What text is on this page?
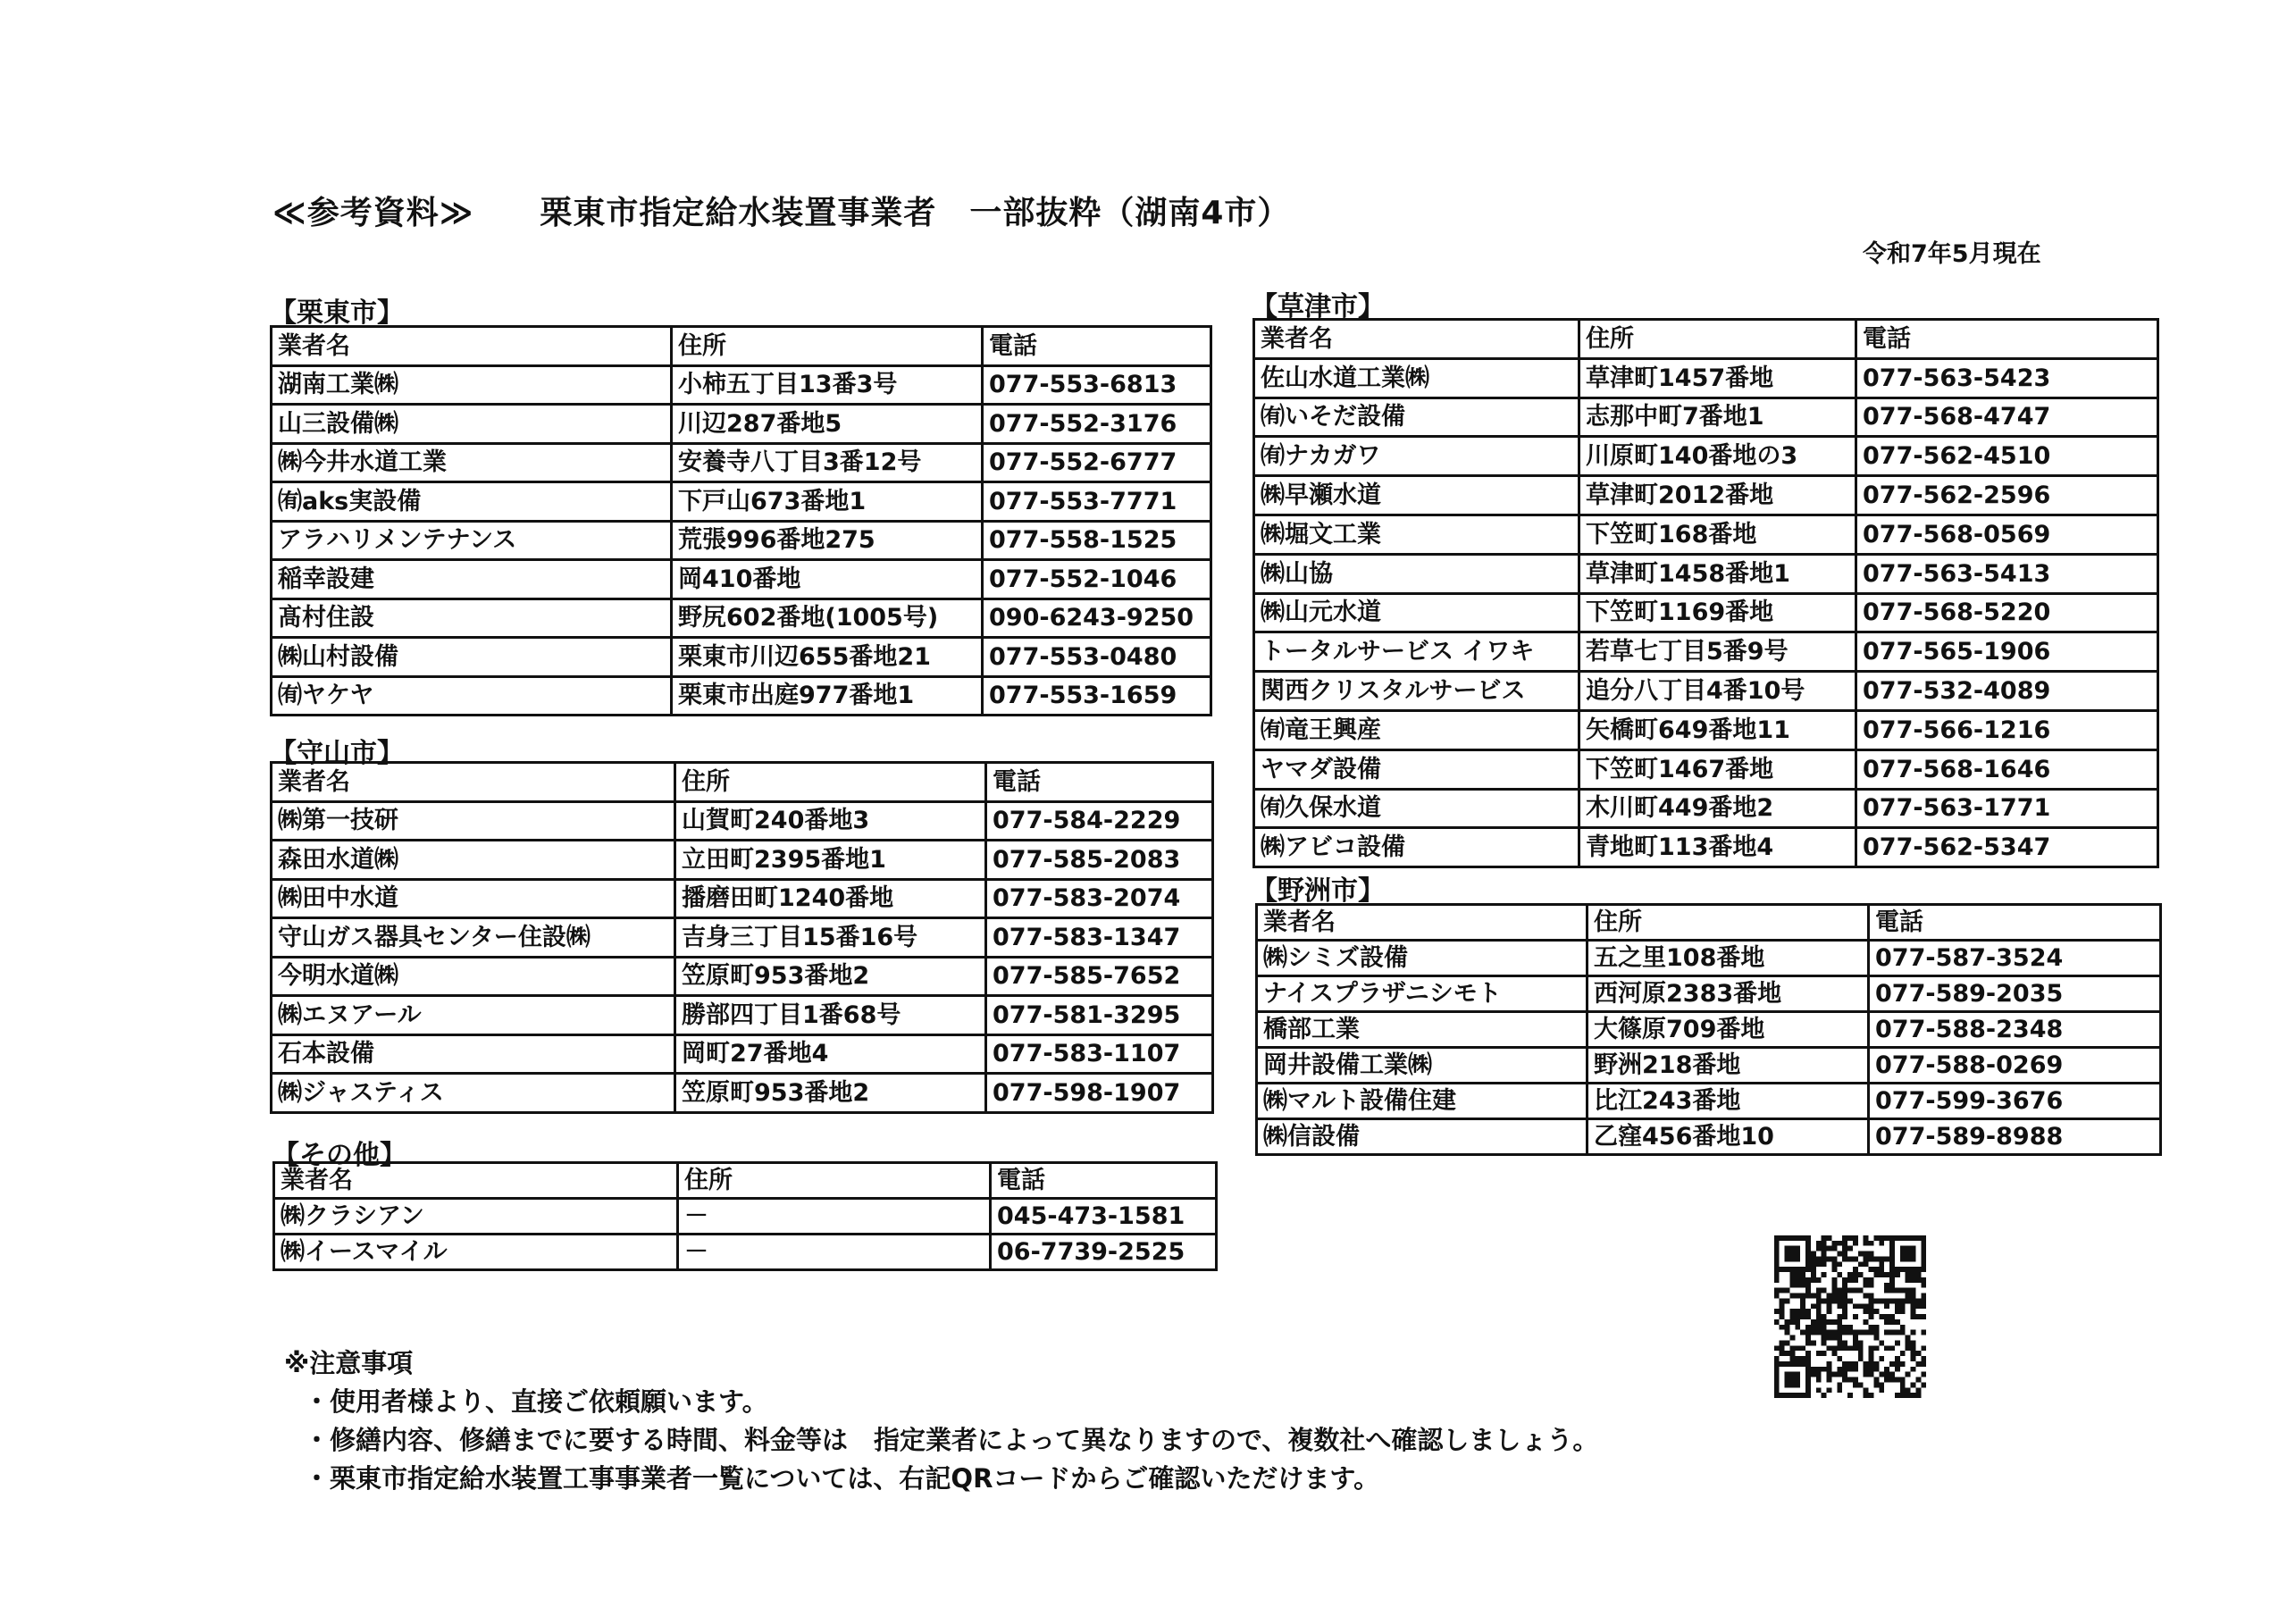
≪参考資料≫　　栗東市指定給水装置事業者　一部抜粋（湖南4市）
令和7年5月現在
【栗東市】
業者名	住所	電話
湖南工業㈱	小柿五丁目13番3号	077-553-6813
山三設備㈱	川辺287番地5	077-552-3176
㈱今井水道工業	安養寺八丁目3番12号	077-552-6777
㈲aks実設備	下戸山673番地1	077-553-7771
アラハリメンテナンス	荒張996番地275	077-558-1525
稲幸設建	岡410番地	077-552-1046
髙村住設	野尻602番地(1005号)	090-6243-9250
㈱山村設備	栗東市川辺655番地21	077-553-0480
㈲ヤケヤ	栗東市出庭977番地1	077-553-1659
【守山市】
業者名	住所	電話
㈱第一技研	山賀町240番地3	077-584-2229
森田水道㈱	立田町2395番地1	077-585-2083
㈱田中水道	播磨田町1240番地	077-583-2074
守山ガス器具センター住設㈱	吉身三丁目15番16号	077-583-1347
今明水道㈱	笠原町953番地2	077-585-7652
㈱エヌアール	勝部四丁目1番68号	077-581-3295
石本設備	岡町27番地4	077-583-1107
㈱ジャスティス	笠原町953番地2	077-598-1907
【その他】
業者名	住所	電話
㈱クラシアン	－	045-473-1581
㈱イースマイル	－	06-7739-2525
【草津市】
業者名	住所	電話
佐山水道工業㈱	草津町1457番地	077-563-5423
㈲いそだ設備	志那中町7番地1	077-568-4747
㈲ナカガワ	川原町140番地の3	077-562-4510
㈱早瀬水道	草津町2012番地	077-562-2596
㈱堀文工業	下笠町168番地	077-568-0569
㈱山協	草津町1458番地1	077-563-5413
㈱山元水道	下笠町1169番地	077-568-5220
トータルサービス イワキ	若草七丁目5番9号	077-565-1906
関西クリスタルサービス	追分八丁目4番10号	077-532-4089
㈲竜王興産	矢橋町649番地11	077-566-1216
ヤマダ設備	下笠町1467番地	077-568-1646
㈲久保水道	木川町449番地2	077-563-1771
㈱アビコ設備	青地町113番地4	077-562-5347
【野洲市】
業者名	住所	電話
㈱シミズ設備	五之里108番地	077-587-3524
ナイスプラザニシモト	西河原2383番地	077-589-2035
橋部工業	大篠原709番地	077-588-2348
岡井設備工業㈱	野洲218番地	077-588-0269
㈱マルト設備住建	比江243番地	077-599-3676
㈱信設備	乙窪456番地10	077-589-8988
※注意事項
・使用者様より、直接ご依頼願います。
・修繕内容、修繕までに要する時間、料金等は　指定業者によって異なりますので、複数社へ確認しましょう。
・栗東市指定給水装置工事事業者一覧については、右記QRコードからご確認いただけます。
